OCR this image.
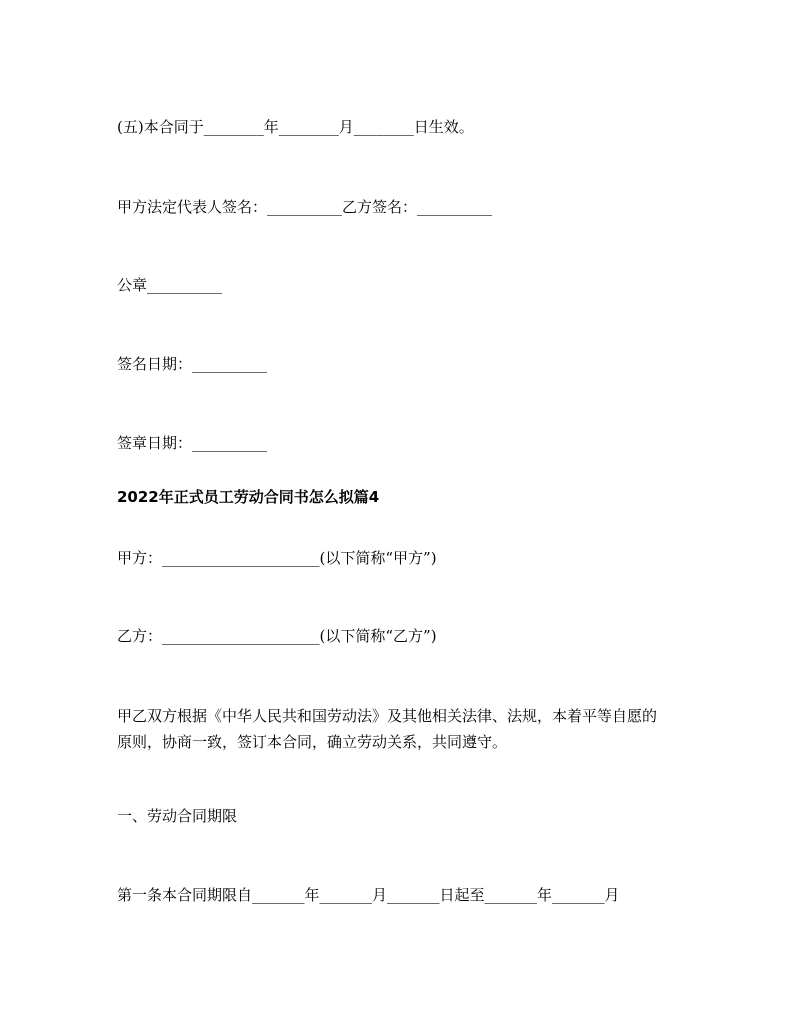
(五)本合同于________年________月________日生效。

甲方法定代表人签名：__________乙方签名：__________

公章__________

签名日期：__________

签章日期：__________

2022年正式员工劳动合同书怎么拟篇4

甲方：_____________________(以下简称“甲方”)

乙方：_____________________(以下简称“乙方”)

甲乙双方根据《中华人民共和国劳动法》及其他相关法律、法规，本着平等自愿的
原则，协商一致，签订本合同，确立劳动关系，共同遵守。

一、劳动合同期限

第一条本合同期限自_______年_______月_______日起至_______年_______月
